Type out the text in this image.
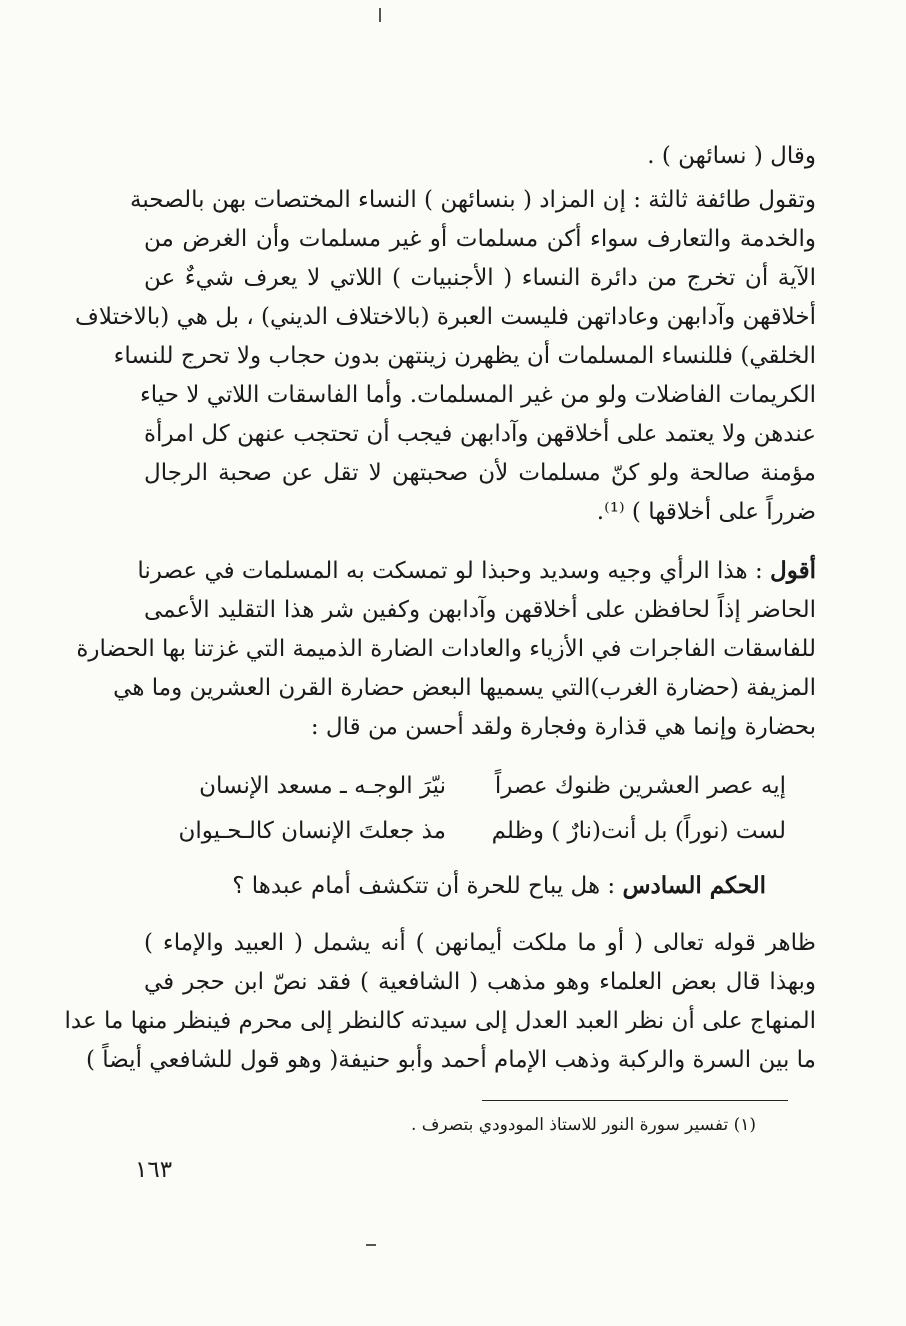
وقال ( نسائهن ) .
وتقول طائفة ثالثة : إن المزاد ( بنسائهن ) النساء المختصات بهن بالصحبة
والخدمة والتعارف سواء أكن مسلمات أو غير مسلمات وأن الغرض من
الآية أن تخرج من دائرة النساء ( الأجنبيات ) اللاتي لا يعرف شيءٌ عن
أخلاقهن وآدابهن وعاداتهن فليست العبرة (بالاختلاف الديني) ، بل هي (بالاختلاف
الخلقي) فللنساء المسلمات أن يظهرن زينتهن بدون حجاب ولا تحرج للنساء
الكريمات الفاضلات ولو من غير المسلمات. وأما الفاسقات اللاتي لا حياء
عندهن ولا يعتمد على أخلاقهن وآدابهن فيجب أن تحتجب عنهن كل امرأة
مؤمنة صالحة ولو كنّ مسلمات لأن صحبتهن لا تقل عن صحبة الرجال
ضرراً على أخلاقها ) ⁽¹⁾.
أقول : هذا الرأي وجيه وسديد وحبذا لو تمسكت به المسلمات في عصرنا
الحاضر إذاً لحافظن على أخلاقهن وآدابهن وكفين شر هذا التقليد الأعمى
للفاسقات الفاجرات في الأزياء والعادات الضارة الذميمة التي غزتنا بها الحضارة
المزيفة (حضارة الغرب)التي يسميها البعض حضارة القرن العشرين وما هي
بحضارة وإنما هي قذارة وفجارة ولقد أحسن من قال :
إيه عصر العشرين ظنوك عصراً
نيّرَ الوجـه ـ مسعد الإنسان
لست (نوراً) بل أنت(نارٌ ) وظلم
مذ جعلتَ الإنسان كالـحـيوان
الحكم السادس : هل يباح للحرة أن تتكشف أمام عبدها ؟
ظاهر قوله تعالى ( أو ما ملكت أيمانهن ) أنه يشمل ( العبيد والإماء )
وبهذا قال بعض العلماء وهو مذهب ( الشافعية ) فقد نصّ ابن حجر في
المنهاج على أن نظر العبد العدل إلى سيدته كالنظر إلى محرم فينظر منها ما عدا
ما بين السرة والركبة وذهب الإمام أحمد وأبو حنيفة( وهو قول للشافعي أيضاً )
(١) تفسير سورة النور للاستاذ المودودي بتصرف .
١٦٣
